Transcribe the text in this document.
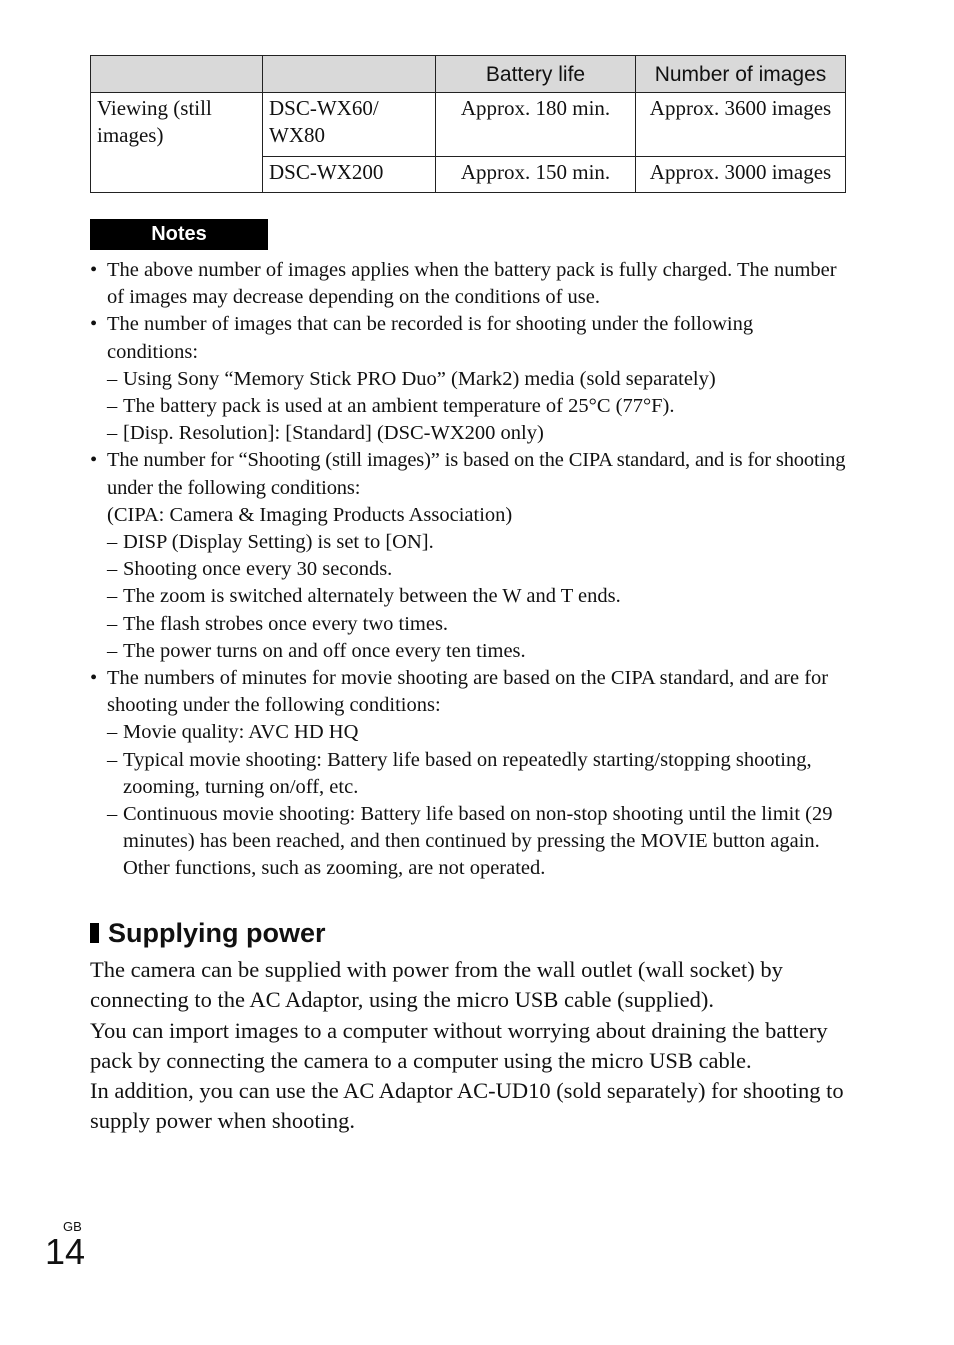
		Battery life	Number of images
Viewing (still images)	DSC-WX60/ WX80	Approx. 180 min.	Approx. 3600 images
	DSC-WX200	Approx. 150 min.	Approx. 3000 images
Notes
• The above number of images applies when the battery pack is fully charged. The number of images may decrease depending on the conditions of use.
• The number of images that can be recorded is for shooting under the following conditions:
– Using Sony “Memory Stick PRO Duo” (Mark2) media (sold separately)
– The battery pack is used at an ambient temperature of 25°C (77°F).
– [Disp. Resolution]: [Standard] (DSC-WX200 only)
• The number for “Shooting (still images)” is based on the CIPA standard, and is for shooting under the following conditions:
(CIPA: Camera & Imaging Products Association)
– DISP (Display Setting) is set to [ON].
– Shooting once every 30 seconds.
– The zoom is switched alternately between the W and T ends.
– The flash strobes once every two times.
– The power turns on and off once every ten times.
• The numbers of minutes for movie shooting are based on the CIPA standard, and are for shooting under the following conditions:
– Movie quality: AVC HD HQ
– Typical movie shooting: Battery life based on repeatedly starting/stopping shooting, zooming, turning on/off, etc.
– Continuous movie shooting: Battery life based on non-stop shooting until the limit (29 minutes) has been reached, and then continued by pressing the MOVIE button again. Other functions, such as zooming, are not operated.
Supplying power

The camera can be supplied with power from the wall outlet (wall socket) by connecting to the AC Adaptor, using the micro USB cable (supplied).

You can import images to a computer without worrying about draining the battery pack by connecting the camera to a computer using the micro USB cable.

In addition, you can use the AC Adaptor AC-UD10 (sold separately) for shooting to supply power when shooting.

GB
14
